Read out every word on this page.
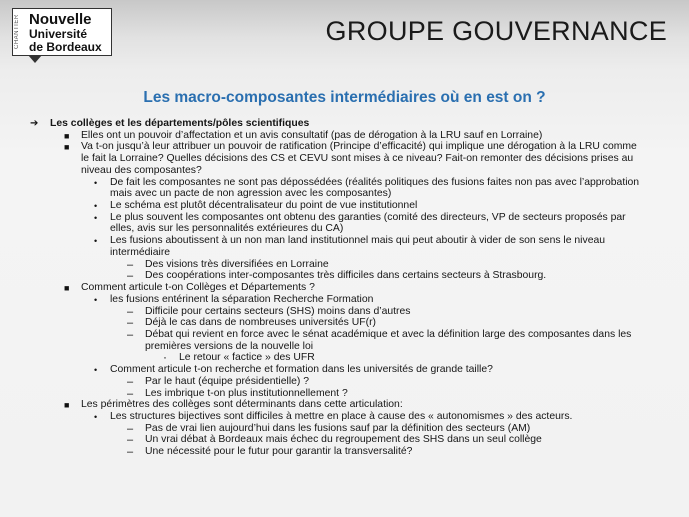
CHANTIER Nouvelle
Université
de Bordeaux
GROUPE GOUVERNANCE
Les macro-composantes intermédiaires où en est on ?
➔ Les collèges et les départements/pôles scientifiques
■ Elles ont un pouvoir d’affectation et un avis consultatif (pas de dérogation à la LRU sauf en Lorraine)
■ Va t-on jusqu’à leur attribuer un pouvoir de ratification (Principe d’efficacité) qui implique une dérogation à la LRU comme
le fait la Lorraine? Quelles décisions des CS et CEVU sont mises à ce niveau? Fait-on remonter des décisions prises au
niveau des composantes?
• De fait les composantes ne sont pas dépossédées (réalités politiques des fusions faites non pas avec l’approbation
mais avec un pacte de non agression avec les composantes)
• Le schéma est plutôt décentralisateur du point de vue institutionnel
• Le plus souvent les composantes ont obtenu des garanties (comité des directeurs, VP de secteurs proposés par
elles, avis sur les personnalités extérieures du CA)
• Les fusions aboutissent à un non man land institutionnel mais qui peut aboutir à vider de son sens le niveau
intermédiaire
– Des visions très diversifiées en Lorraine
– Des coopérations inter-composantes très difficiles dans certains secteurs à Strasbourg.
■ Comment articule t-on Collèges et Départements ?
• les fusions entérinent la séparation Recherche Formation
– Difficile pour certains secteurs (SHS) moins dans d’autres
– Déjà le cas dans de nombreuses universités UF(r)
– Débat qui revient en force avec le sénat académique et avec la définition large des composantes dans les
premières versions de la nouvelle loi
· Le retour « factice » des UFR
• Comment articule t-on recherche et formation dans les universités de grande taille?
– Par le haut (équipe présidentielle) ?
– Les imbrique t-on plus institutionnellement ?
■ Les périmètres des collèges sont déterminants dans cette articulation:
• Les structures bijectives sont difficiles à mettre en place à cause des « autonomismes » des acteurs.
– Pas de vrai lien aujourd’hui dans les fusions sauf par la définition des secteurs (AM)
– Un vrai débat à Bordeaux mais échec du regroupement des SHS dans un seul collège
– Une nécessité pour le futur pour garantir la transversalité?
